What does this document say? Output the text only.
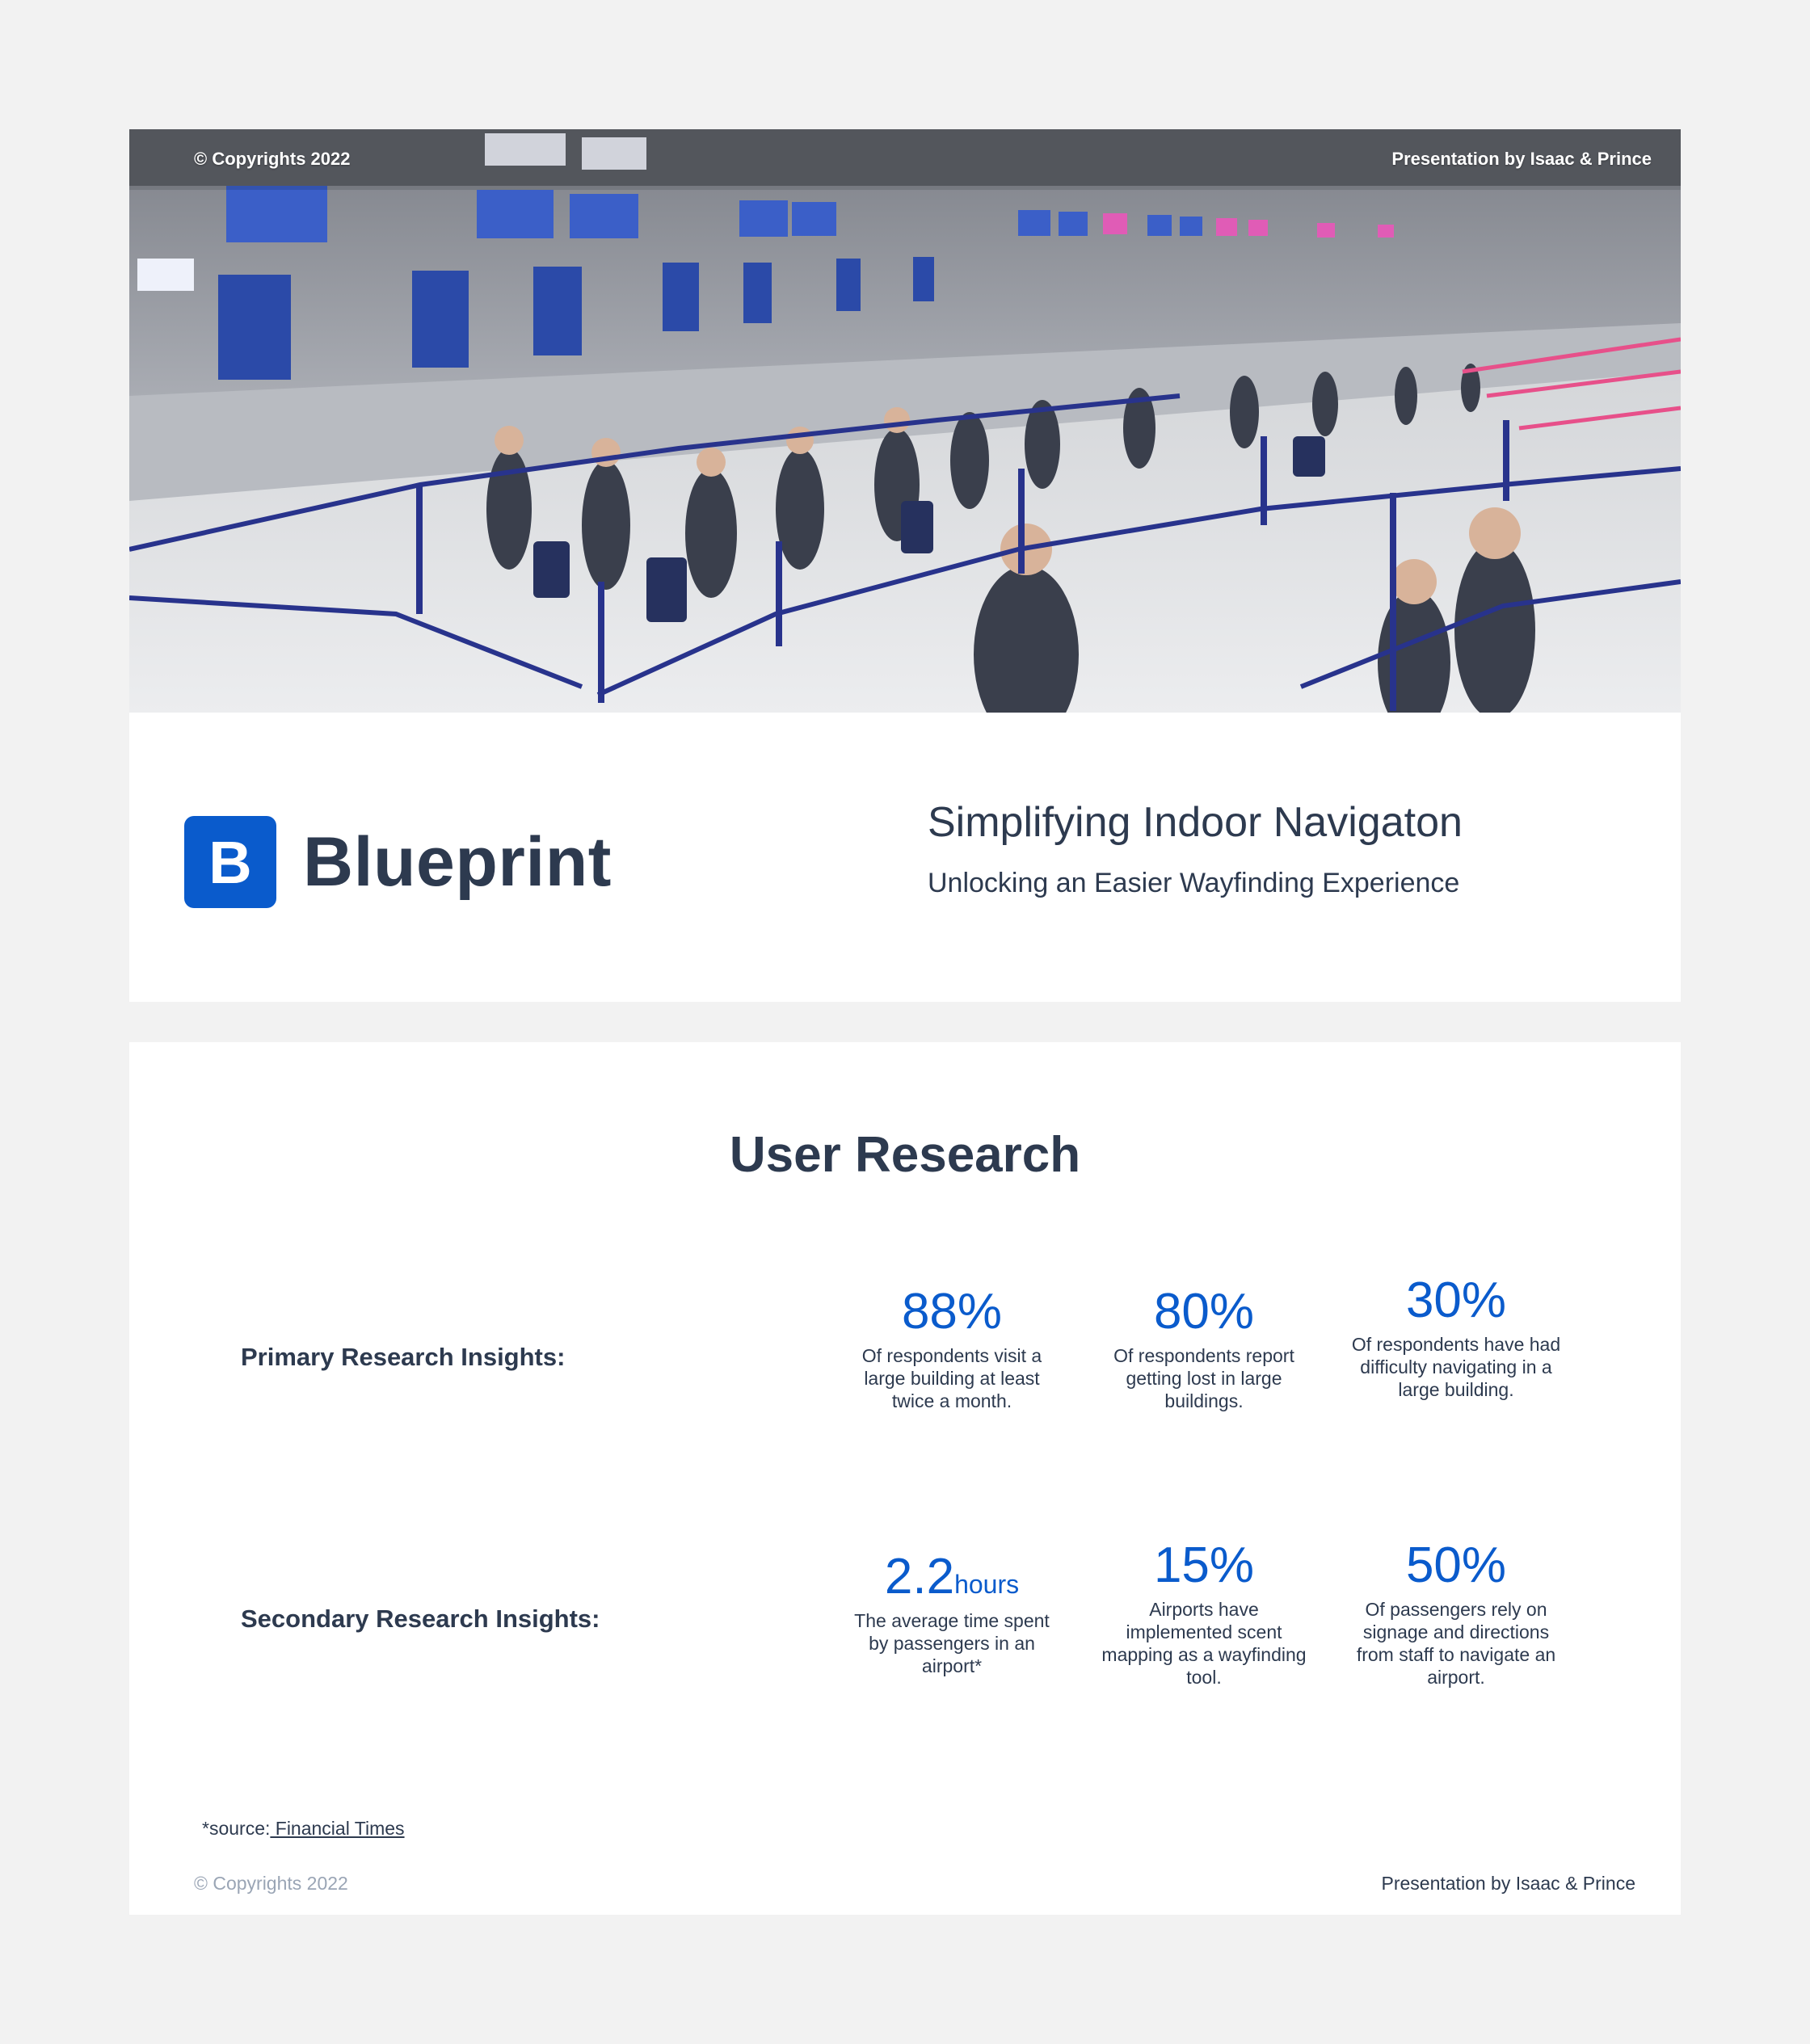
© Copyrights 2022	Presentation by Isaac & Prince
B Blueprint
Simplifying Indoor Navigaton
Unlocking an Easier Wayfinding Experience
User Research
Primary Research Insights:
88%
Of respondents visit a large building at least twice a month.
80%
Of respondents report getting lost in large buildings.
30%
Of respondents have had difficulty navigating in a large building.
Secondary Research Insights:
2.2hours
The average time spent by passengers in an airport*
15%
Airports have implemented scent mapping as a wayfinding tool.
50%
Of passengers rely on signage and directions from staff to navigate an airport.
*source: Financial Times
© Copyrights 2022	Presentation by Isaac & Prince
